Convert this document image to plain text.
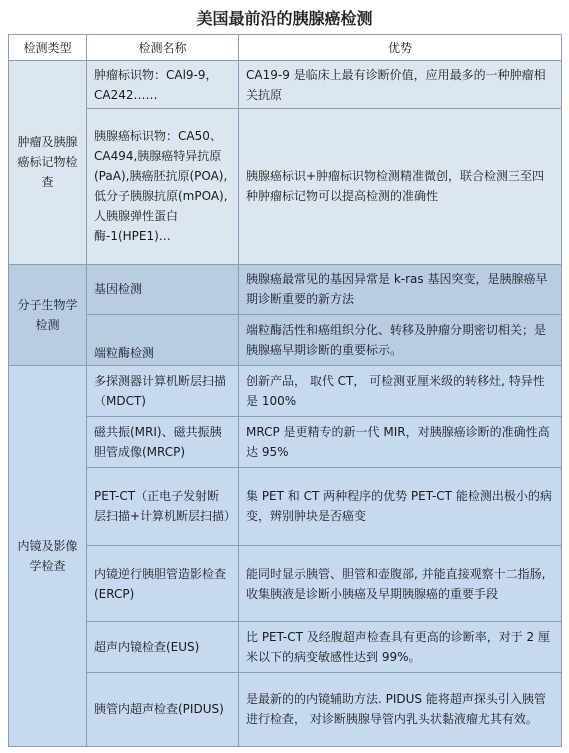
美国最前沿的胰腺癌检测
检测类型	检测名称	优势
肿瘤及胰腺癌标记物检查	肿瘤标识物：CAl9-9，CA242……	CA19-9 是临床上最有诊断价值，应用最多的一种肿瘤相关抗原
	胰腺癌标识物：CA50、CA494,胰腺癌特异抗原(PaA),胰癌胚抗原(POA),低分子胰腺抗原(mPOA),人胰腺弹性蛋白酶-1(HPE1)…	胰腺癌标识+肿瘤标识物检测精准微创，联合检测三至四种肿瘤标记物可以提高检测的准确性
分子生物学检测	基因检测	胰腺癌最常见的基因异常是 k-ras 基因突变，是胰腺癌早期诊断重要的新方法
	端粒酶检测	端粒酶活性和癌组织分化、转移及肿瘤分期密切相关；是胰腺癌早期诊断的重要标示。
内镜及影像学检查	多探测器计算机断层扫描（MDCT)	创新产品， 取代 CT， 可检测亚厘米级的转移灶, 特异性是 100%
	磁共振(MRI)、磁共振胰胆管成像(MRCP)	MRCP 是更精专的新一代 MIR，对胰腺癌诊断的准确性高达 95%
	PET-CT（正电子发射断层扫描+计算机断层扫描）	集 PET 和 CT 两种程序的优势 PET-CT 能检测出极小的病变，辨别肿块是否癌变
	内镜逆行胰胆管造影检查(ERCP)	能同时显示胰管、胆管和壶腹部, 并能直接观察十二指肠, 收集胰液是诊断小胰癌及早期胰腺癌的重要手段
	超声内镜检查(EUS)	比 PET-CT 及经腹超声检查具有更高的诊断率，对于 2 厘米以下的病变敏感性达到 99%。
	胰管内超声检查(PIDUS)	是最新的的内镜辅助方法. PIDUS 能将超声探头引入胰管进行检查， 对诊断胰腺导管内乳头状黏液瘤尤其有效。
